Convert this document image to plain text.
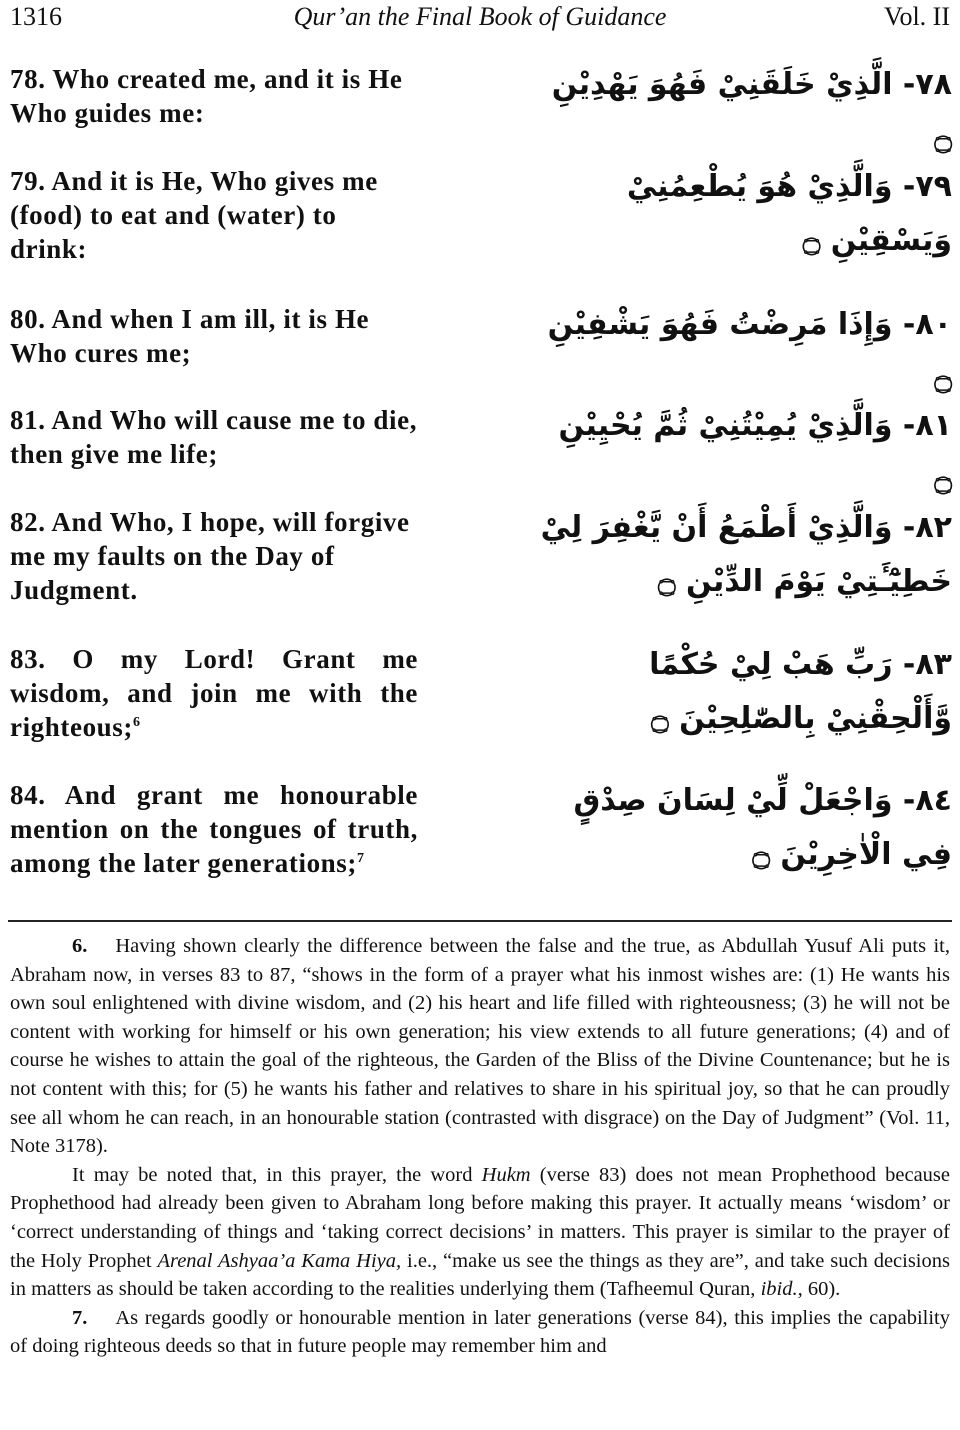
1316	Qur’an the Final Book of Guidance	Vol. II
78. Who created me, and it is He Who guides me:
٧٨- الَّذِيْ خَلَقَنِيْ فَهُوَ يَهْدِيْنِ ۝
79. And it is He, Who gives me (food) to eat and (water) to drink:
٧٩- وَالَّذِيْ هُوَ يُطْعِمُنِيْ وَيَسْقِيْنِ ۝
80. And when I am ill, it is He Who cures me;
٨٠- وَإِذَا مَرِضْتُ فَهُوَ يَشْفِيْنِ ۝
81. And Who will cause me to die, then give me life;
٨١- وَالَّذِيْ يُمِيْتُنِيْ ثُمَّ يُحْيِيْنِ ۝
82. And Who, I hope, will forgive me my faults on the Day of Judgment.
٨٢- وَالَّذِيْ أَطْمَعُ أَنْ يَّغْفِرَ لِيْ خَطِيْٓـَٔتِيْ يَوْمَ الدِّيْنِ ۝
83. O my Lord! Grant me wisdom, and join me with the righteous;$^6$
٨٣- رَبِّ هَبْ لِيْ حُكْمًا وَّأَلْحِقْنِيْ بِالصّٰلِحِيْنَ ۝
84. And grant me honourable mention on the tongues of truth, among the later generations;$^7$
٨٤- وَاجْعَلْ لِّيْ لِسَانَ صِدْقٍ فِي الْاٰخِرِيْنَ ۝

6. Having shown clearly the difference between the false and the true, as Abdullah Yusuf Ali puts it, Abraham now, in verses 83 to 87, “shows in the form of a prayer what his inmost wishes are: (1) He wants his own soul enlightened with divine wisdom, and (2) his heart and life filled with righteousness; (3) he will not be content with working for himself or his own generation; his view extends to all future generations; (4) and of course he wishes to attain the goal of the righteous, the Garden of the Bliss of the Divine Countenance; but he is not content with this; for (5) he wants his father and relatives to share in his spiritual joy, so that he can proudly see all whom he can reach, in an honourable station (contrasted with disgrace) on the Day of Judgment” (Vol. 11, Note 3178).

It may be noted that, in this prayer, the word Hukm (verse 83) does not mean Prophethood because Prophethood had already been given to Abraham long before making this prayer. It actually means ‘wisdom’ or ‘correct understanding of things and ‘taking correct decisions’ in matters. This prayer is similar to the prayer of the Holy Prophet Arenal Ashyaa’a Kama Hiya, i.e., “make us see the things as they are”, and take such decisions in matters as should be taken according to the realities underlying them (Tafheemul Quran, ibid., 60).

7. As regards goodly or honourable mention in later generations (verse 84), this implies the capability of doing righteous deeds so that in future people may remember him and
